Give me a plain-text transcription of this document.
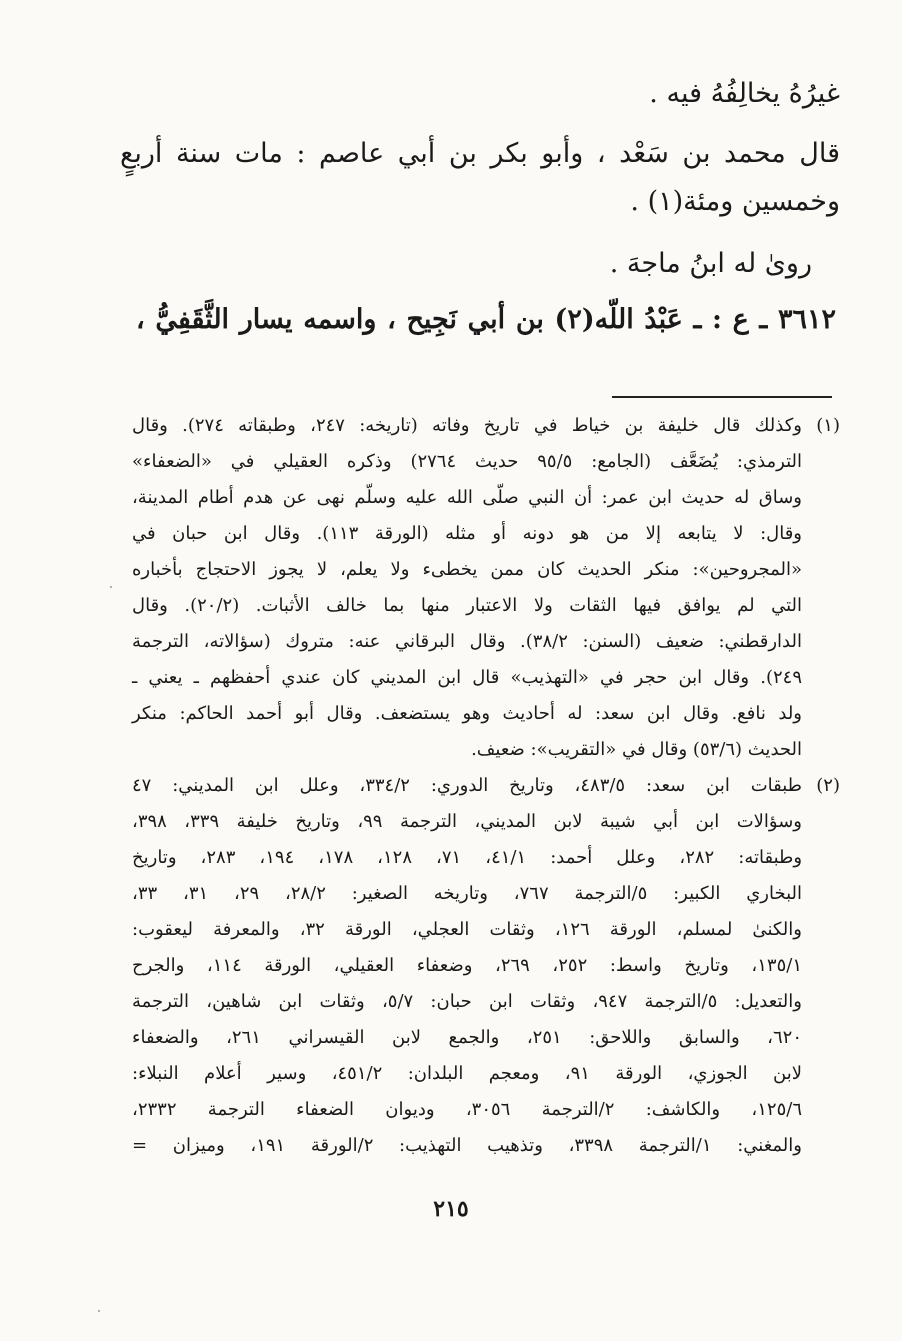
غيرُهُ يخالِفُهُ فيه .
قال محمد بن سَعْد ، وأبو بكر بن أبي عاصم : مات سنة أربعٍ
وخمسين ومئة(١) .
روىٰ له ابنُ ماجهَ .
٣٦١٢ ـ ع : ـ عَبْدُ اللّه(٢) بن أبي نَجِيح ، واسمه يسار الثَّقَفِيُّ ،
(١)
وكذلك قال خليفة بن خياط في تاريخ وفاته (تاريخه: ٢٤٧، وطبقاته ٢٧٤). وقال
الترمذي: يُضَعَّف (الجامع: ٩٥/٥ حديث ٢٧٦٤) وذكره العقيلي في «الضعفاء»
وساق له حديث ابن عمر: أن النبي صلّى الله عليه وسلّم نهى عن هدم أطام المدينة،
وقال: لا يتابعه إلا من هو دونه أو مثله (الورقة ١١٣). وقال ابن حبان في
«المجروحين»: منكر الحديث كان ممن يخطىء ولا يعلم، لا يجوز الاحتجاج بأخباره
التي لم يوافق فيها الثقات ولا الاعتبار منها بما خالف الأثبات. (٢٠/٢). وقال
الدارقطني: ضعيف (السنن: ٣٨/٢). وقال البرقاني عنه: متروك (سؤالاته، الترجمة
٢٤٩). وقال ابن حجر في «التهذيب» قال ابن المديني كان عندي أحفظهم ـ يعني ـ
ولد نافع. وقال ابن سعد: له أحاديث وهو يستضعف. وقال أبو أحمد الحاكم: منكر
الحديث (٥٣/٦) وقال في «التقريب»: ضعيف.
(٢)
طبقات ابن سعد: ٤٨٣/٥، وتاريخ الدوري: ٣٣٤/٢، وعلل ابن المديني: ٤٧
وسؤالات ابن أبي شيبة لابن المديني، الترجمة ٩٩، وتاريخ خليفة ٣٣٩، ٣٩٨،
وطبقاته: ٢٨٢، وعلل أحمد: ٤١/١، ٧١، ١٢٨، ١٧٨، ١٩٤، ٢٨٣، وتاريخ
البخاري الكبير: ٥/الترجمة ٧٦٧، وتاريخه الصغير: ٢٨/٢، ٢٩، ٣١، ٣٣،
والكنىٰ لمسلم، الورقة ١٢٦، وثقات العجلي، الورقة ٣٢، والمعرفة ليعقوب:
١٣٥/١، وتاريخ واسط: ٢٥٢، ٢٦٩، وضعفاء العقيلي، الورقة ١١٤، والجرح
والتعديل: ٥/الترجمة ٩٤٧، وثقات ابن حبان: ٥/٧، وثقات ابن شاهين، الترجمة
٦٢٠، والسابق واللاحق: ٢٥١، والجمع لابن القيسراني ٢٦١، والضعفاء
لابن الجوزي، الورقة ٩١، ومعجم البلدان: ٤٥١/٢، وسير أعلام النبلاء:
١٢٥/٦، والكاشف: ٢/الترجمة ٣٠٥٦، وديوان الضعفاء الترجمة ٢٣٣٢،
والمغني: ١/الترجمة ٣٣٩٨، وتذهيب التهذيب: ٢/الورقة ١٩١، وميزان =
٢١٥
